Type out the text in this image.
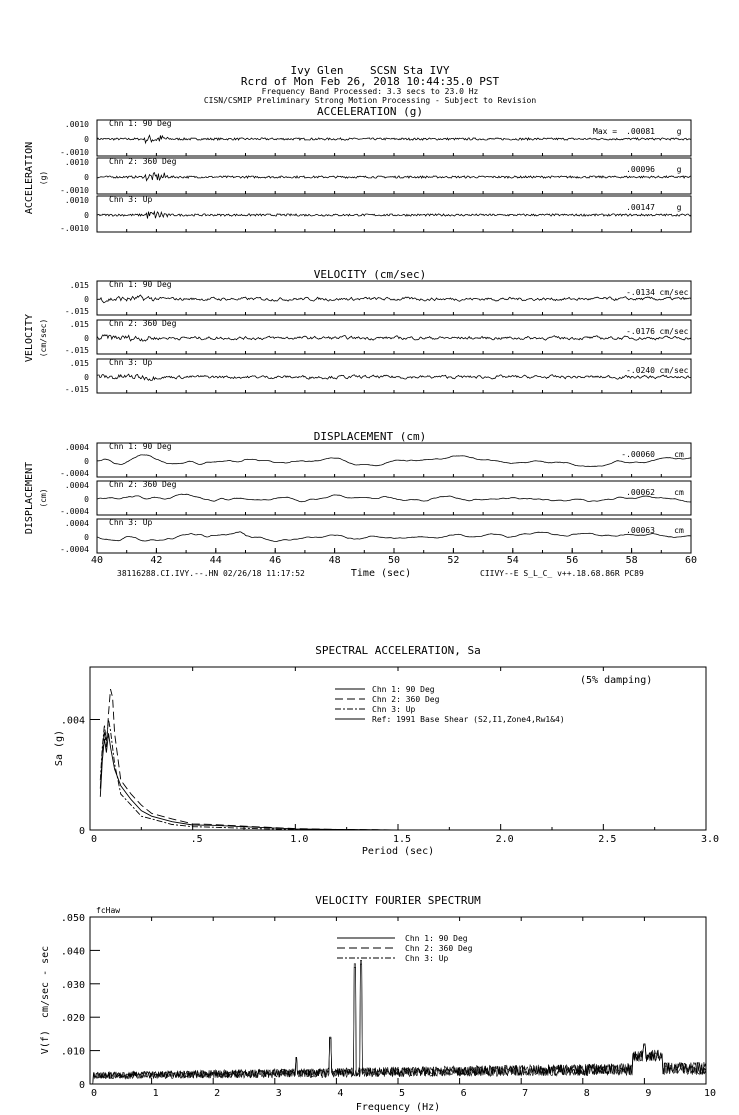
Ivy Glen    SCSN Sta IVY
Rcrd of Mon Feb 26, 2018 10:44:35.0 PST
Frequency Band Processed: 3.3 secs to 23.0 Hz
CISN/CSMIP Preliminary Strong Motion Processing - Subject to Revision
ACCELERATION (g)
ACCELERATION (g)
.0010
0
-.0010
Chn 1: 90 Deg
Max = .00081	g
.0010
0
-.0010
Chn 2: 360 Deg
.00096	g
.0010
0
-.0010
Chn 3: Up
.00147	g
VELOCITY (cm/sec)
VELOCITY (cm/sec)
.015
0
-.015
Chn 1: 90 Deg
-.0134 cm/sec
.015
0
-.015
Chn 2: 360 Deg
-.0176 cm/sec
.015
0
-.015
Chn 3: Up
-.0240 cm/sec
DISPLACEMENT (cm)
DISPLACEMENT (cm)
.0004
0
-.0004
Chn 1: 90 Deg
-.00060 cm
.0004
0
-.0004
Chn 2: 360 Deg
.00062 cm
.0004
0
-.0004
Chn 3: Up
.00063 cm
40	42	44	46	48	50	52	54	56	58	60
Time (sec)
38116288.CI.IVY.--.HN 02/26/18 11:17:52	CIIVY--E S_L_C_ v++.18.68.86R PC89
SPECTRAL ACCELERATION, Sa
0	.5	1.0	1.5	2.0	2.5	3.0
0
.004
Period (sec)
Sa (g)
(5% damping)
Chn 1: 90 Deg
Chn 2: 360 Deg
Chn 3: Up
Ref: 1991 Base Shear (S2,I1,Zone4,Rw1&4)
VELOCITY FOURIER SPECTRUM
0	1	2	3	4	5	6	7	8	9	10
0
.010
.020
.030
.040
.050
Frequency (Hz)
V(f)  cm/sec - sec
fcHaw
Chn 1: 90 Deg
Chn 2: 360 Deg
Chn 3: Up
